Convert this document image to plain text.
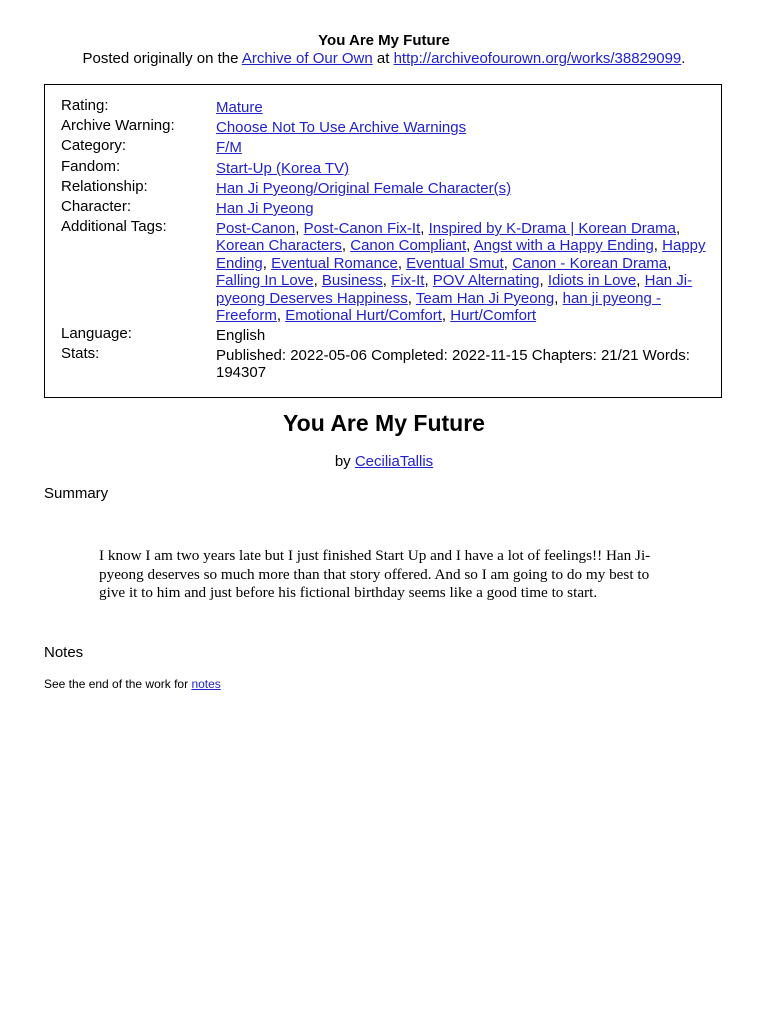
You Are My Future
Posted originally on the Archive of Our Own at http://archiveofourown.org/works/38829099.
Rating:	Mature
Archive Warning:	Choose Not To Use Archive Warnings
Category:	F/M
Fandom:	Start-Up (Korea TV)
Relationship:	Han Ji Pyeong/Original Female Character(s)
Character:	Han Ji Pyeong
Additional Tags:	Post-Canon, Post-Canon Fix-It, Inspired by K-Drama | Korean Drama, Korean Characters, Canon Compliant, Angst with a Happy Ending, Happy Ending, Eventual Romance, Eventual Smut, Canon - Korean Drama, Falling In Love, Business, Fix-It, POV Alternating, Idiots in Love, Han Ji-pyeong Deserves Happiness, Team Han Ji Pyeong, han ji pyeong - Freeform, Emotional Hurt/Comfort, Hurt/Comfort
Language:	English
Stats:	Published: 2022-05-06 Completed: 2022-11-15 Chapters: 21/21 Words: 194307
You Are My Future
by CeciliaTallis
Summary
I know I am two years late but I just finished Start Up and I have a lot of feelings!! Han Ji-pyeong deserves so much more than that story offered. And so I am going to do my best to give it to him and just before his fictional birthday seems like a good time to start.
Notes
See the end of the work for notes
